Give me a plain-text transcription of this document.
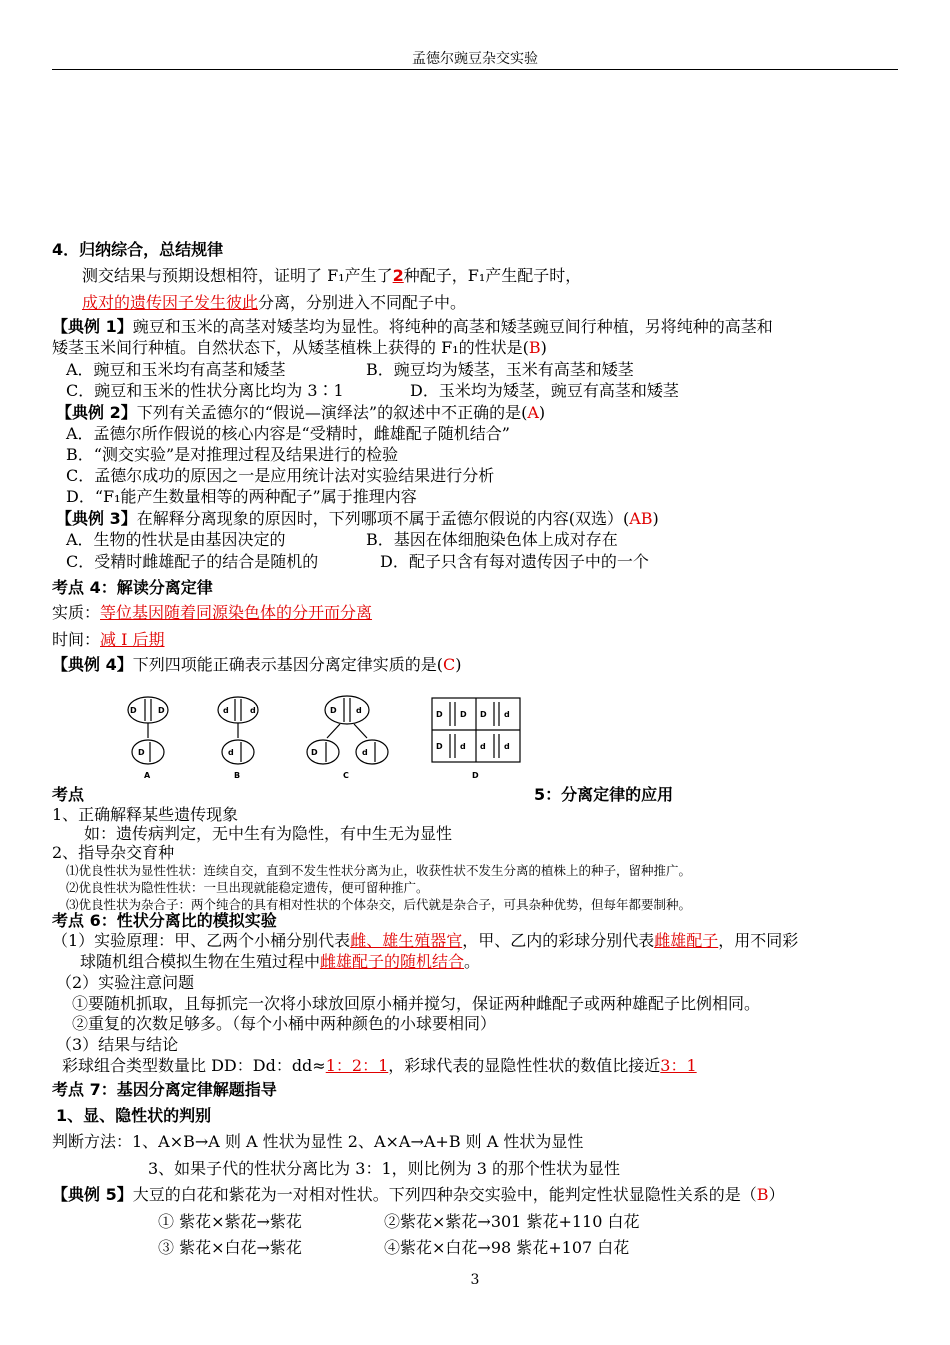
孟德尔豌豆杂交实验
4．归纳综合，总结规律
测交结果与预期设想相符，证明了 F₁产生了2种配子，F₁产生配子时，
成对的遗传因子发生彼此分离，分别进入不同配子中。
【典例 1】豌豆和玉米的高茎对矮茎均为显性。将纯种的高茎和矮茎豌豆间行种植，另将纯种的高茎和
矮茎玉米间行种植。自然状态下，从矮茎植株上获得的 F₁的性状是(B)
A．豌豆和玉米均有高茎和矮茎	B．豌豆均为矮茎，玉米有高茎和矮茎
C．豌豆和玉米的性状分离比均为 3∶1	D．玉米均为矮茎，豌豆有高茎和矮茎
【典例 2】下列有关孟德尔的“假说—演绎法”的叙述中不正确的是(A)
A．孟德尔所作假说的核心内容是“受精时，雌雄配子随机结合”
B．“测交实验”是对推理过程及结果进行的检验
C．孟德尔成功的原因之一是应用统计法对实验结果进行分析
D．“F₁能产生数量相等的两种配子”属于推理内容
【典例 3】在解释分离现象的原因时，下列哪项不属于孟德尔假说的内容(双选）(AB)
A．生物的性状是由基因决定的	B．基因在体细胞染色体上成对存在
C．受精时雌雄配子的结合是随机的	D．配子只含有每对遗传因子中的一个
考点 4：解读分离定律
实质：等位基因随着同源染色体的分开而分离
时间：减 I 后期
【典例 4】下列四项能正确表示基因分离定律实质的是(C)
D	D
D
d	d
d
D d
D	d
D D D d
D d d d
A	B	C	D
考点	5：分离定律的应用
1、正确解释某些遗传现象
如：遗传病判定，无中生有为隐性，有中生无为显性
2、指导杂交育种
⑴优良性状为显性性状：连续自交，直到不发生性状分离为止，收获性状不发生分离的植株上的种子，留种推广。
⑵优良性状为隐性性状：一旦出现就能稳定遗传，便可留种推广。
⑶优良性状为杂合子：两个纯合的具有相对性状的个体杂交，后代就是杂合子，可具杂种优势，但每年都要制种。
考点 6：性状分离比的模拟实验
（1）实验原理：甲、乙两个小桶分别代表雌、雄生殖器官，甲、乙内的彩球分别代表雌雄配子，用不同彩
球随机组合模拟生物在生殖过程中雌雄配子的随机结合。
（2）实验注意问题
①要随机抓取，且每抓完一次将小球放回原小桶并搅匀，保证两种雌配子或两种雄配子比例相同。
②重复的次数足够多。（每个小桶中两种颜色的小球要相同）
（3）结果与结论
彩球组合类型数量比 DD：Dd：dd≈1：2：1，彩球代表的显隐性性状的数值比接近3：1
考点 7：基因分离定律解题指导
1、显、隐性状的判别
判断方法：1、A×B→A 则 A 性状为显性 2、A×A→A+B 则 A 性状为显性
3、如果子代的性状分离比为 3：1，则比例为 3 的那个性状为显性
【典例 5】大豆的白花和紫花为一对相对性状。下列四种杂交实验中，能判定性状显隐性关系的是（B）
① 紫花×紫花→紫花	②紫花×紫花→301 紫花+110 白花
③ 紫花×白花→紫花	④紫花×白花→98 紫花+107 白花
3
